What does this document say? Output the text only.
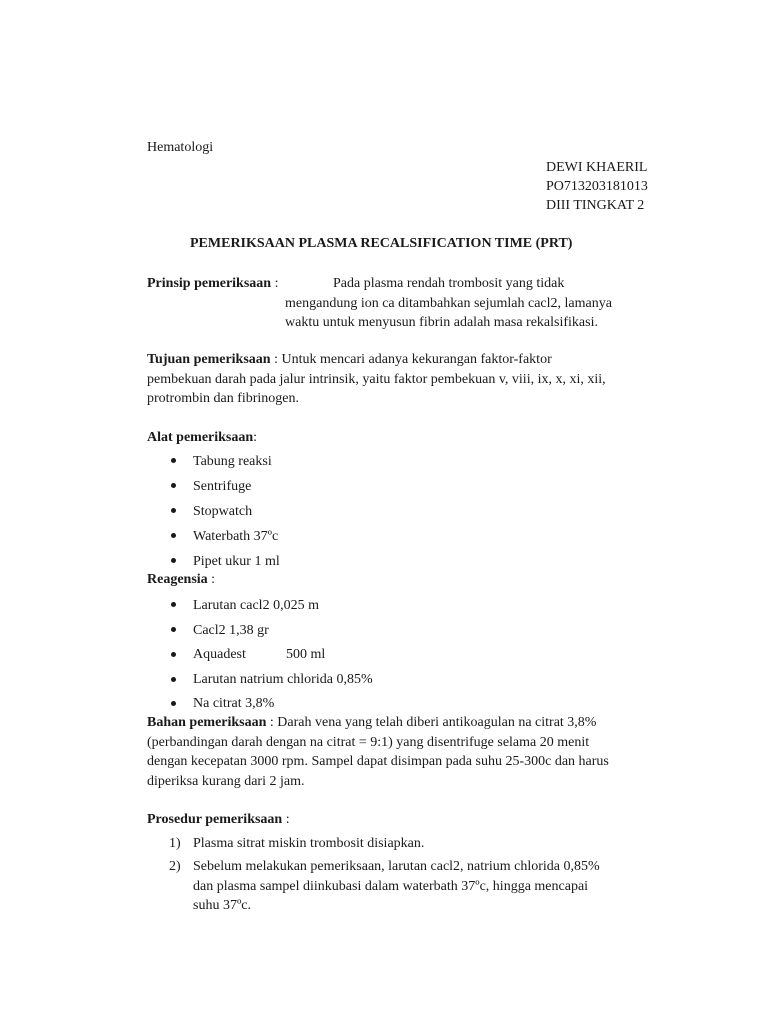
Hematologi
DEWI KHAERIL
PO713203181013
DIII TINGKAT 2
PEMERIKSAAN PLASMA RECALSIFICATION TIME (PRT)
Prinsip pemeriksaan :	Pada plasma rendah trombosit yang tidak
mengandung ion ca ditambahkan sejumlah cacl2, lamanya
waktu untuk menyusun fibrin adalah masa rekalsifikasi.
Tujuan pemeriksaan : Untuk mencari adanya kekurangan faktor-faktor
pembekuan darah pada jalur intrinsik, yaitu faktor pembekuan v, viii, ix, x, xi, xii,
protrombin dan fibrinogen.
Alat pemeriksaan:
Tabung reaksi
Sentrifuge
Stopwatch
Waterbath 37ºc
Pipet ukur 1 ml
Reagensia :
Larutan cacl2 0,025 m
Cacl2 1,38 gr
Aquadest	500 ml
Larutan natrium chlorida 0,85%
Na citrat 3,8%
Bahan pemeriksaan : Darah vena yang telah diberi antikoagulan na citrat 3,8%
(perbandingan darah dengan na citrat = 9:1) yang disentrifuge selama 20 menit
dengan kecepatan 3000 rpm. Sampel dapat disimpan pada suhu 25-300c dan harus
diperiksa kurang dari 2 jam.
Prosedur pemeriksaan :
1) Plasma sitrat miskin trombosit disiapkan.
2) Sebelum melakukan pemeriksaan, larutan cacl2, natrium chlorida 0,85%
dan plasma sampel diinkubasi dalam waterbath 37ºc, hingga mencapai
suhu 37ºc.
